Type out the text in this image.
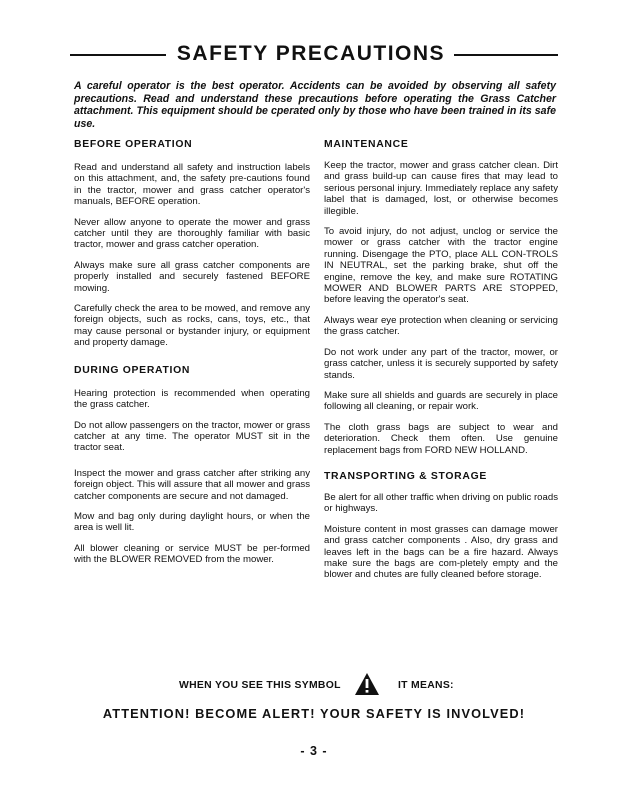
SAFETY PRECAUTIONS

A careful operator is the best operator. Accidents can be avoided by observing all safety precautions. Read and understand these precautions before operating the Grass Catcher attachment. This equipment should be cperated only by those who have been trained in its safe use.

BEFORE OPERATION

Read and understand all safety and instruction labels on this attachment, and, the safety pre-cautions found in the tractor, mower and grass catcher operator's manuals, BEFORE operation.

Never allow anyone to operate the mower and grass catcher until they are thoroughly familiar with basic tractor, mower and grass catcher operation.

Always make sure all grass catcher components are properly installed and securely fastened BEFORE mowing.

Carefully check the area to be mowed, and remove any foreign objects, such as rocks, cans, toys, etc., that may cause personal or bystander injury, or equipment and property damage.

DURING OPERATION

Hearing protection is recommended when operating the grass catcher.

Do not allow passengers on the tractor, mower or grass catcher at any time. The operator MUST sit in the tractor seat.

Inspect the mower and grass catcher after striking any foreign object. This will assure that all mower and grass catcher components are secure and not damaged.

Mow and bag only during daylight hours, or when the area is well lit.

All blower cleaning or service MUST be per-formed with the BLOWER REMOVED from the mower.

MAINTENANCE

Keep the tractor, mower and grass catcher clean. Dirt and grass build-up can cause fires that may lead to serious personal injury. Immediately replace any safety label that is damaged, lost, or otherwise becomes illegible.

To avoid injury, do not adjust, unclog or service the mower or grass catcher with the tractor engine running. Disengage the PTO, place ALL CON-TROLS IN NEUTRAL, set the parking brake, shut off the engine, remove the key, and make sure ROTATING MOWER AND BLOWER PARTS ARE STOPPED, before leaving the operator's seat.

Always wear eye protection when cleaning or servicing the grass catcher.

Do not work under any part of the tractor, mower, or grass catcher, unless it is securely supported by safety stands.

Make sure all shields and guards are securely in place following all cleaning, or repair work.

The cloth grass bags are subject to wear and deterioration. Check them often. Use genuine replacement bags from FORD NEW HOLLAND.

TRANSPORTING & STORAGE

Be alert for all other traffic when driving on public roads or highways.

Moisture content in most grasses can damage mower and grass catcher components . Also, dry grass and leaves left in the bags can be a fire hazard. Always make sure the bags are com-pletely empty and the blower and chutes are fully cleaned before storage.

WHEN YOU SEE THIS SYMBOL	IT MEANS:

ATTENTION! BECOME ALERT! YOUR SAFETY IS INVOLVED!

- 3 -
